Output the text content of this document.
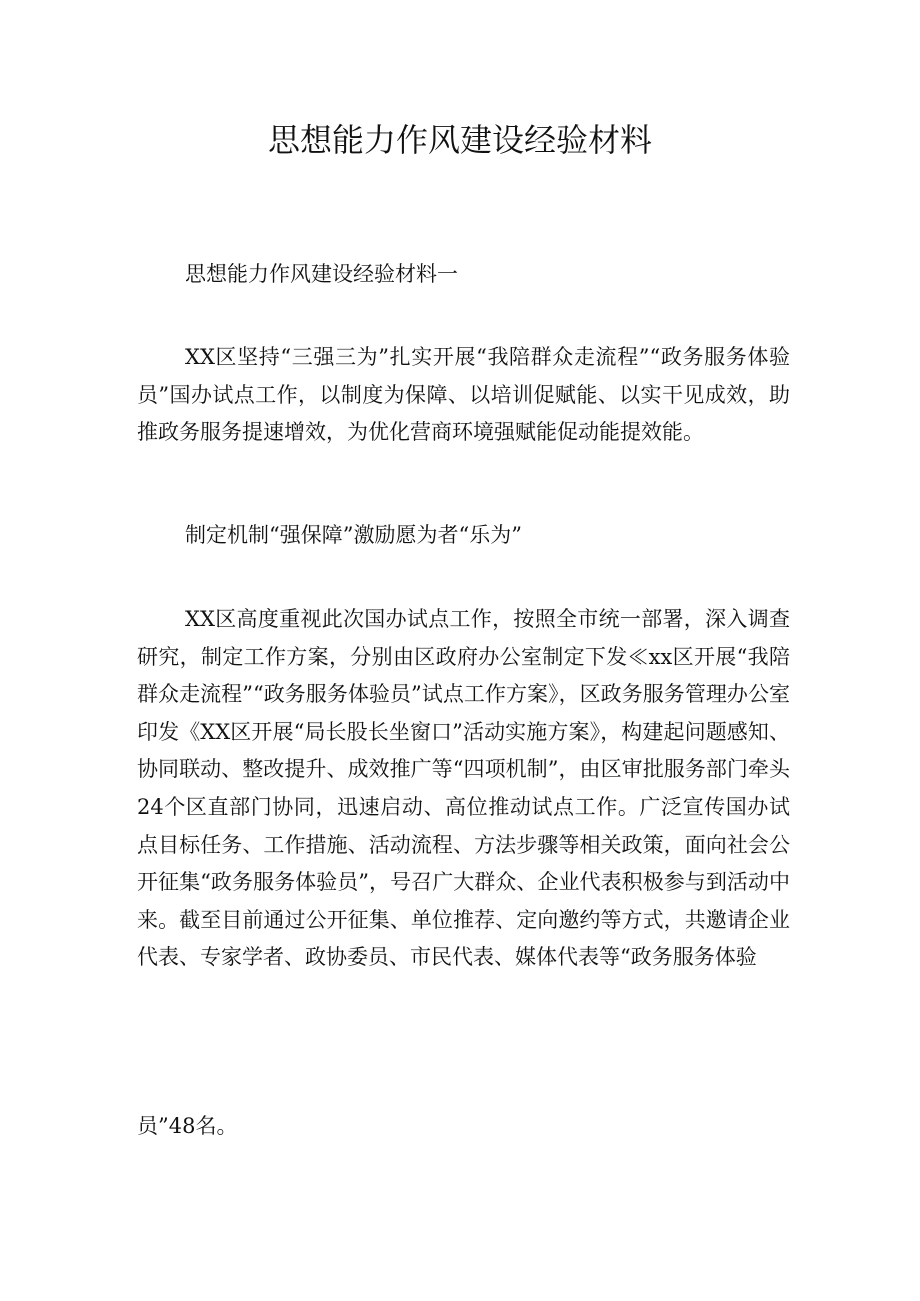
思想能力作风建设经验材料

思想能力作风建设经验材料一

XX区坚持“三强三为”扎实开展“我陪群众走流程”“政务服务体验员”国办试点工作，以制度为保障、以培训促赋能、以实干见成效，助推政务服务提速增效，为优化营商环境强赋能促动能提效能。

制定机制“强保障”激励愿为者“乐为”

XX区高度重视此次国办试点工作，按照全市统一部署，深入调查研究，制定工作方案，分别由区政府办公室制定下发≪xx区开展“我陪群众走流程”“政务服务体验员”试点工作方案》，区政务服务管理办公室印发《XX区开展“局长股长坐窗口”活动实施方案》，构建起问题感知、协同联动、整改提升、成效推广等“四项机制”，由区审批服务部门牵头24个区直部门协同，迅速启动、高位推动试点工作。广泛宣传国办试点目标任务、工作措施、活动流程、方法步骤等相关政策，面向社会公开征集“政务服务体验员”，号召广大群众、企业代表积极参与到活动中来。截至目前通过公开征集、单位推荐、定向邀约等方式，共邀请企业代表、专家学者、政协委员、市民代表、媒体代表等“政务服务体验

员”48名。
